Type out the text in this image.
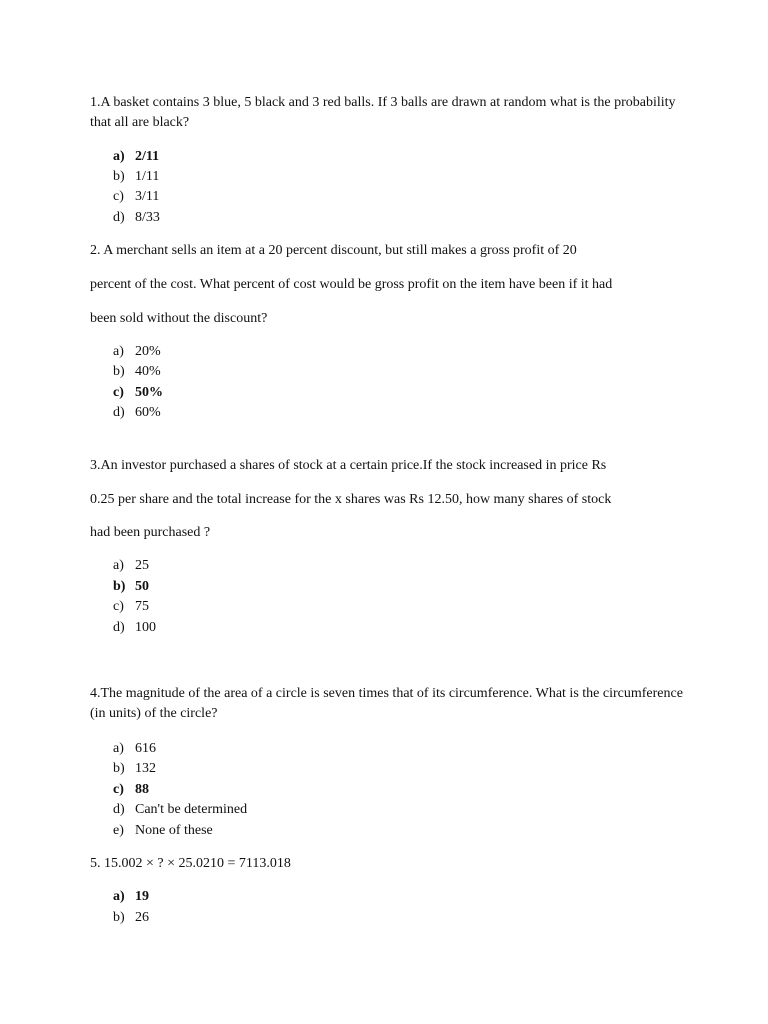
1.A basket contains 3 blue, 5 black and 3 red balls. If 3 balls are drawn at random what is the probability that all are black?

a) 2/11
b) 1/11
c) 3/11
d) 8/33

2. A merchant sells an item at a 20 percent discount, but still makes a gross profit of 20

percent of the cost. What percent of cost would be gross profit on the item have been if it had

been sold without the discount?

a) 20%
b) 40%
c) 50%
d) 60%

3.An investor purchased a shares of stock at a certain price.If the stock increased in price Rs

0.25 per share and the total increase for the x shares was Rs 12.50, how many shares of stock

had been purchased ?

a) 25
b) 50
c) 75
d) 100

4.The magnitude of the area of a circle is seven times that of its circumference. What is the circumference (in units) of the circle?

a) 616
b) 132
c) 88
d) Can't be determined
e) None of these

5. 15.002 × ? × 25.0210 = 7113.018

a) 19
b) 26
